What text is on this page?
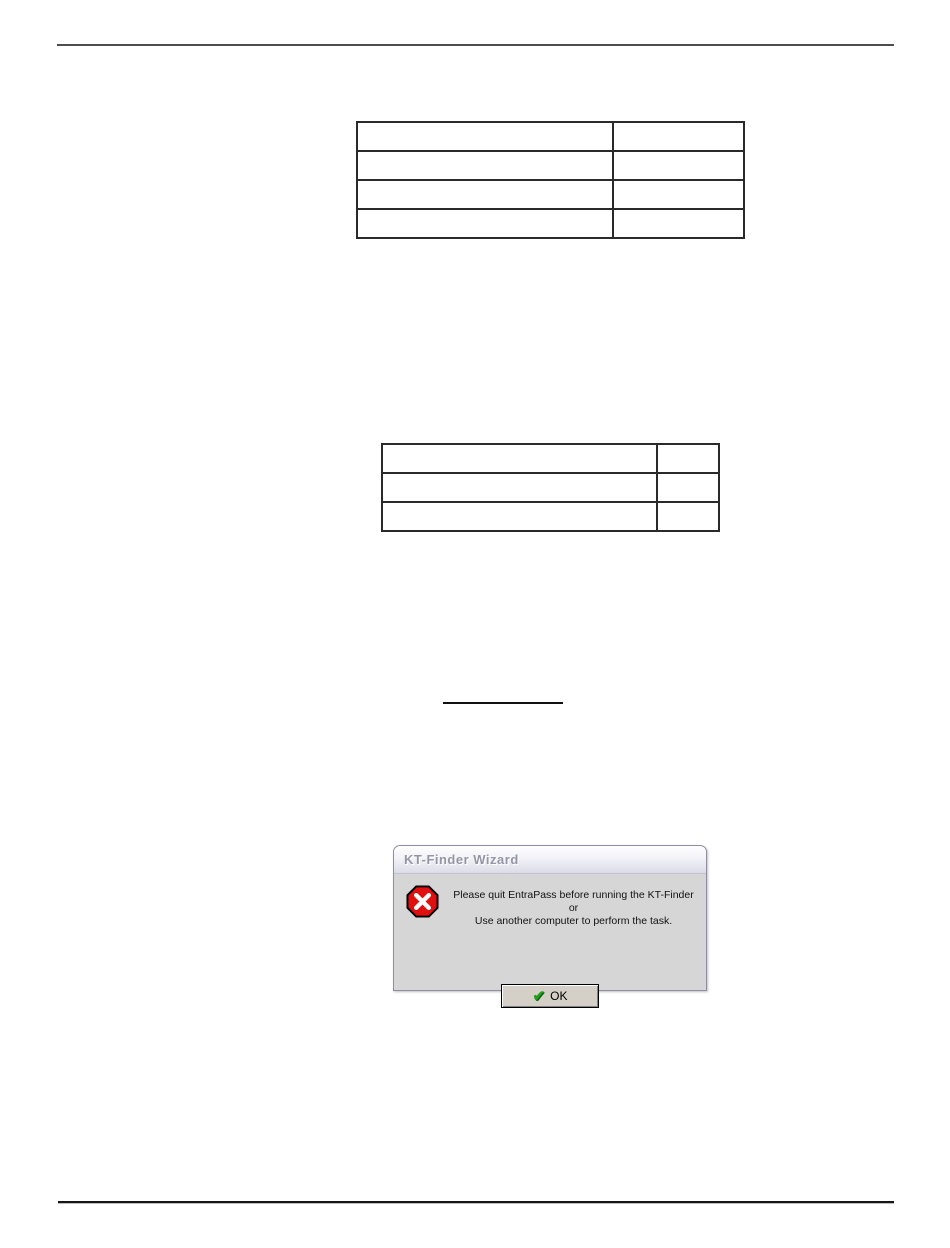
KT-Finder Wizard
Please quit EntraPass before running the KT-Finder
or
Use another computer to perform the task.
✔ OK
